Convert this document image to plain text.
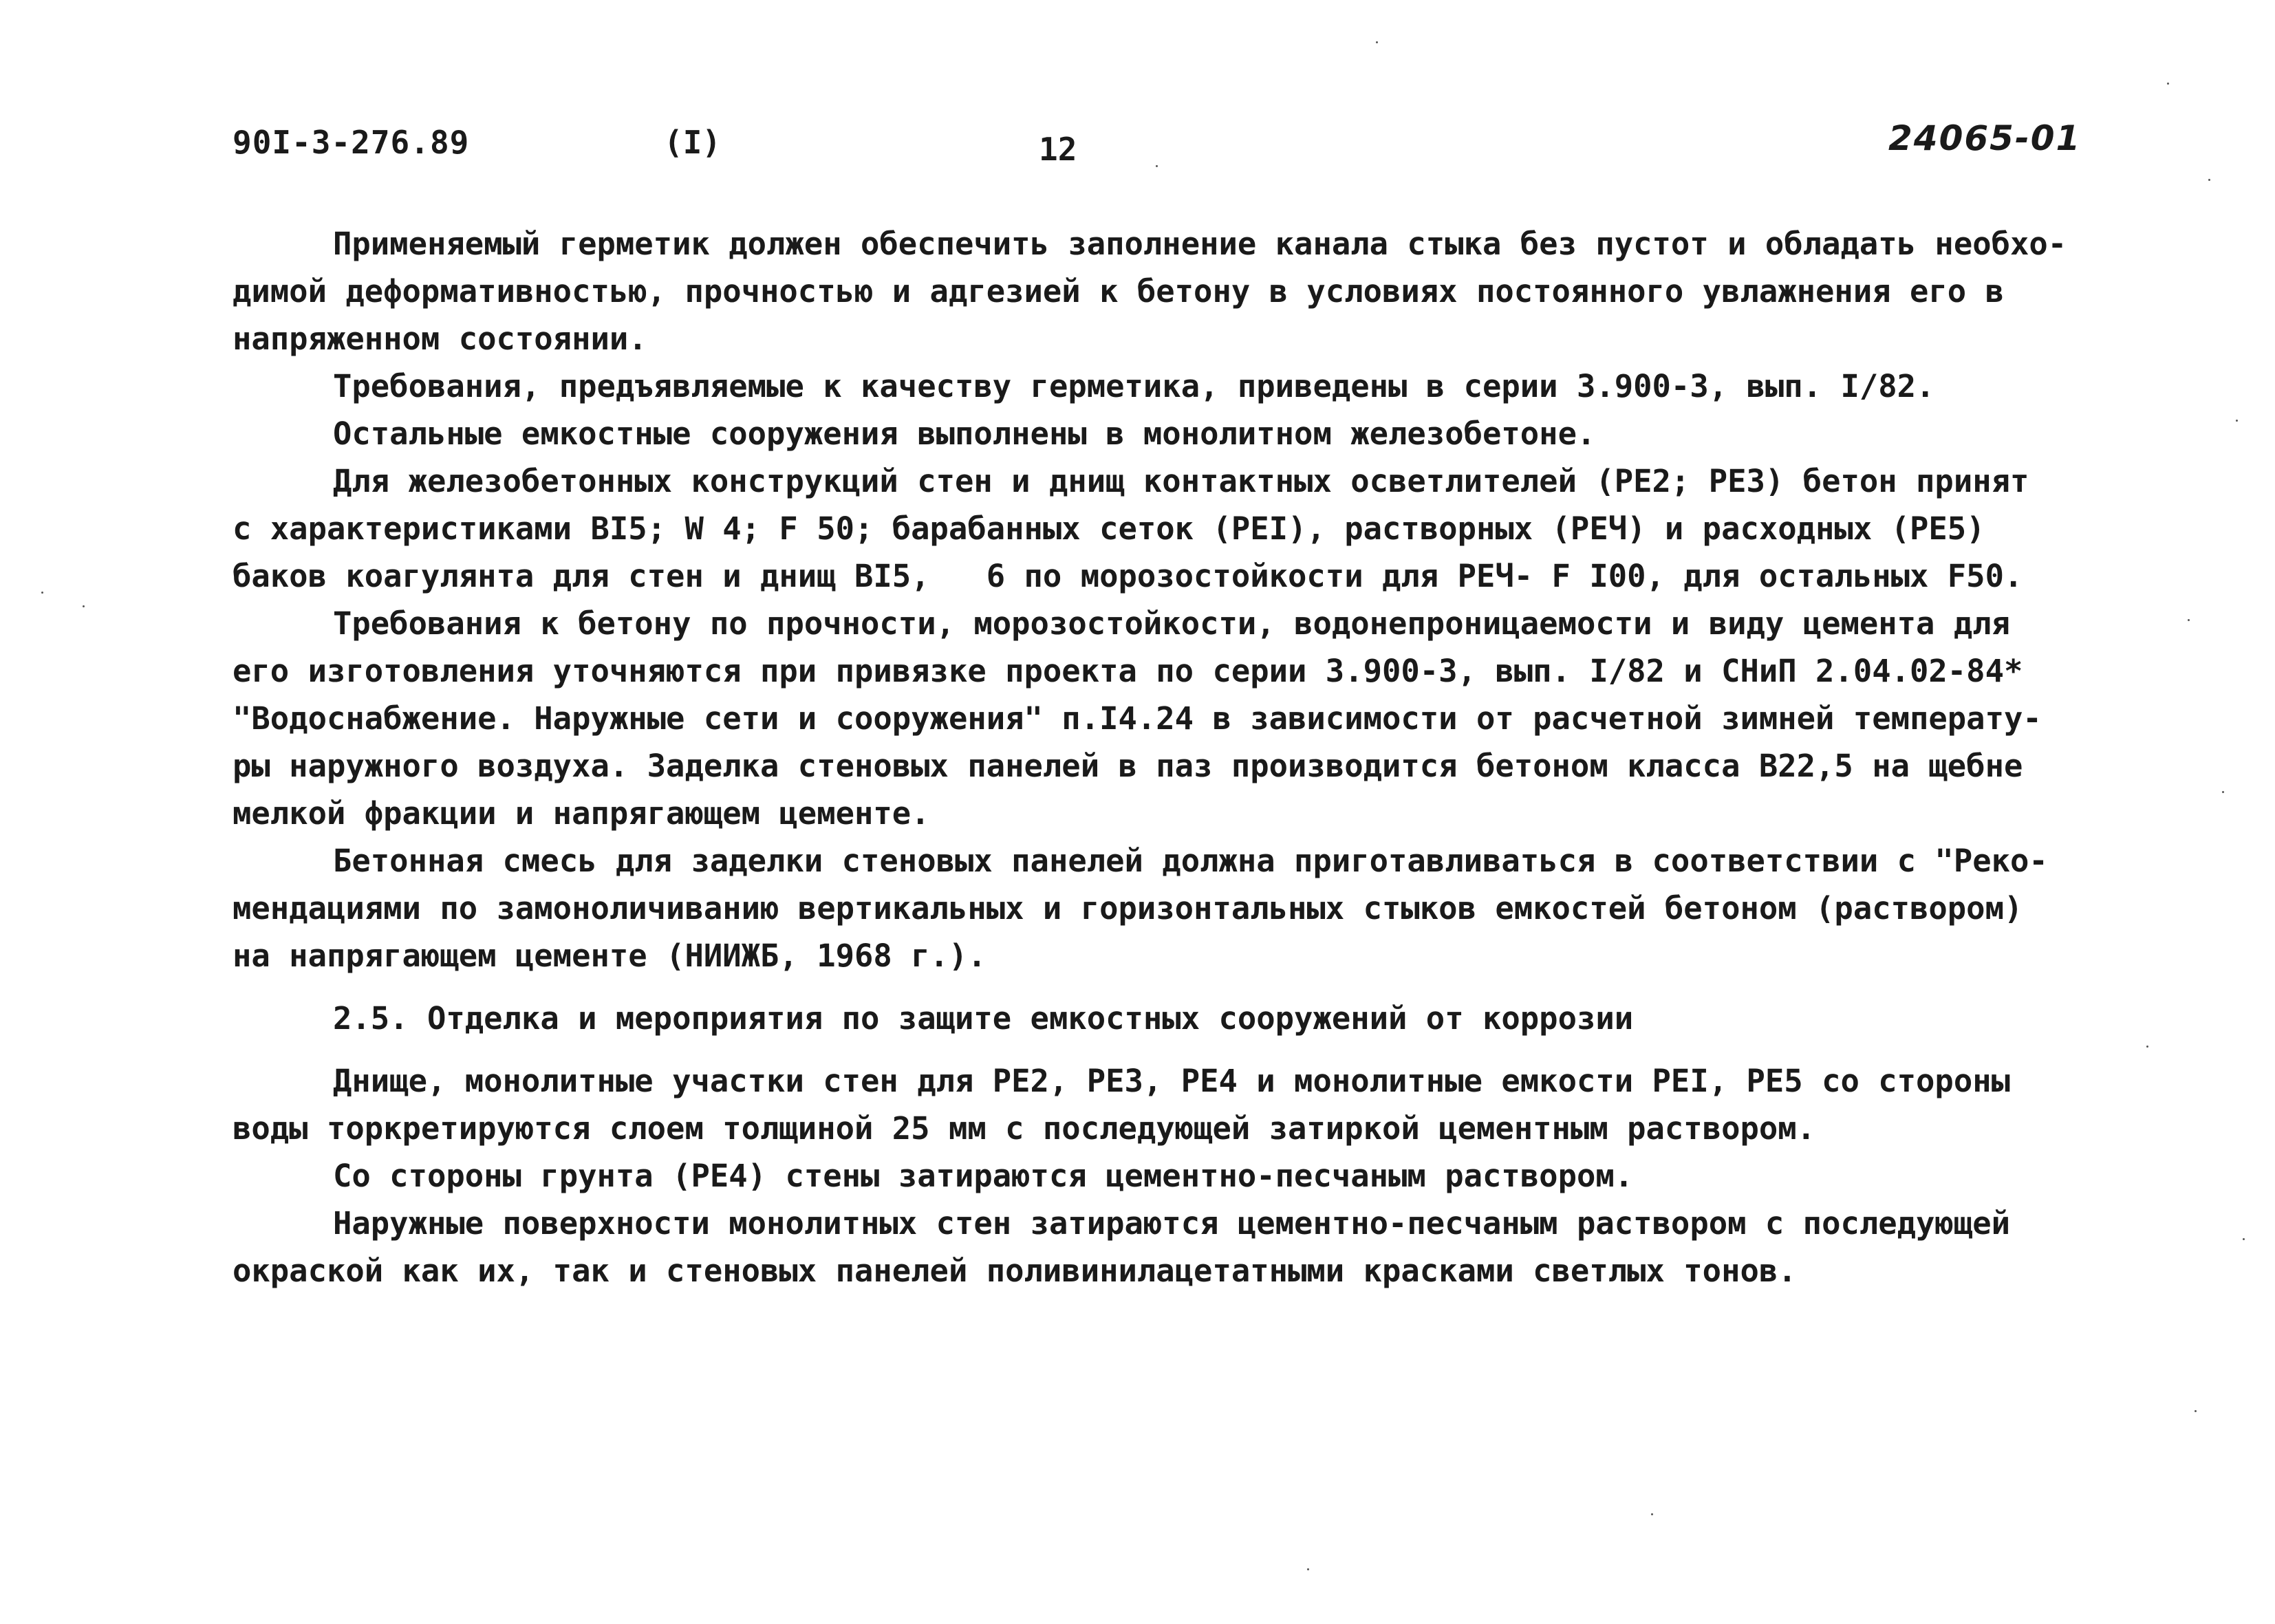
90I-3-276.89	(I)	12	24065-01
Применяемый герметик должен обеспечить заполнение канала стыка без пустот и обладать необхо-
димой деформативностью, прочностью и адгезией к бетону в условиях постоянного увлажнения его в
напряженном состоянии.
Требования, предъявляемые к качеству герметика, приведены в серии 3.900-3, вып. I/82.
Остальные емкостные сооружения выполнены в монолитном железобетоне.
Для железобетонных конструкций стен и днищ контактных осветлителей (РЕ2; РЕ3) бетон принят
с характеристиками BI5; W 4; F 50; барабанных сеток (РЕI), растворных (РЕЧ) и расходных (РЕ5)
баков коагулянта для стен и днищ BI5,   6 по морозостойкости для РЕЧ- F I00, для остальных F50.
Требования к бетону по прочности, морозостойкости, водонепроницаемости и виду цемента для
его изготовления уточняются при привязке проекта по серии 3.900-3, вып. I/82 и СНиП 2.04.02-84*
"Водоснабжение. Наружные сети и сооружения" п.I4.24 в зависимости от расчетной зимней температу-
ры наружного воздуха. Заделка стеновых панелей в паз производится бетоном класса B22,5 на щебне
мелкой фракции и напрягающем цементе.
Бетонная смесь для заделки стеновых панелей должна приготавливаться в соответствии с "Реко-
мендациями по замоноличиванию вертикальных и горизонтальных стыков емкостей бетоном (раствором)
на напрягающем цементе (НИИЖБ, 1968 г.).
2.5. Отделка и мероприятия по защите емкостных сооружений от коррозии
Днище, монолитные участки стен для РЕ2, РЕ3, РЕ4 и монолитные емкости РЕI, РЕ5 со стороны
воды торкретируются слоем толщиной 25 мм с последующей затиркой цементным раствором.
Со стороны грунта (РЕ4) стены затираются цементно-песчаным раствором.
Наружные поверхности монолитных стен затираются цементно-песчаным раствором с последующей
окраской как их, так и стеновых панелей поливинилацетатными красками светлых тонов.
